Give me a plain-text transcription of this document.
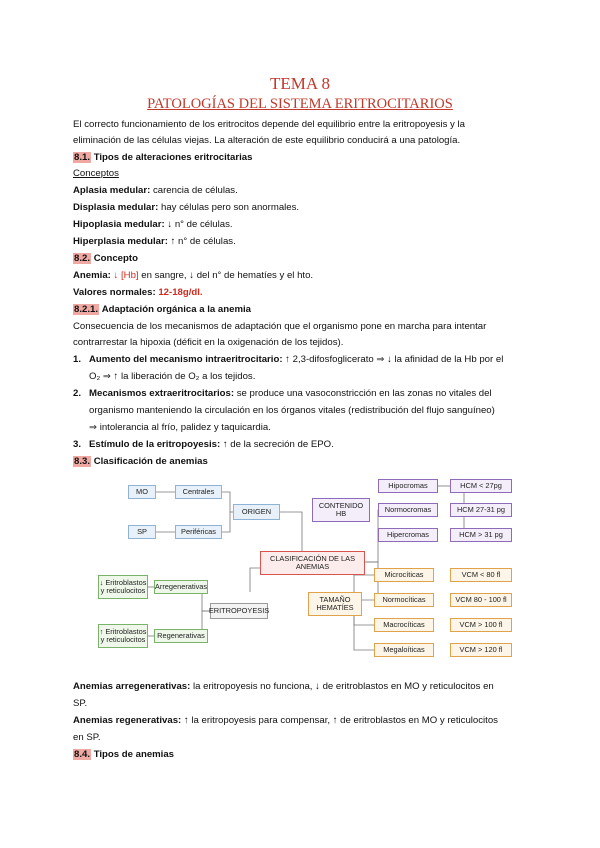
TEMA 8
PATOLOGÍAS DEL SISTEMA ERITROCITARIOS
El correcto funcionamiento de los eritrocitos depende del equilibrio entre la eritropoyesis y la
eliminación de las células viejas. La alteración de este equilibrio conducirá a una patología.
8.1. Tipos de alteraciones eritrocitarias
Conceptos
Aplasia medular: carencia de células.
Displasia medular: hay células pero son anormales.
Hipoplasia medular: ↓ n° de células.
Hiperplasia medular: ↑ n° de células.
8.2. Concepto
Anemia: ↓ [Hb] en sangre, ↓ del n° de hematíes y el hto.
Valores normales: 12-18g/dl.
8.2.1. Adaptación orgánica a la anemia
Consecuencia de los mecanismos de adaptación que el organismo pone en marcha para intentar
contrarrestar la hipoxia (déficit en la oxigenación de los tejidos).
1. Aumento del mecanismo intraeritrocitario: ↑ 2,3-difosfoglicerato ⇒ ↓ la afinidad de la Hb por el
O₂ ⇒ ↑ la liberación de O₂ a los tejidos.
2. Mecanismos extraeritrocitarios: se produce una vasoconstricción en las zonas no vitales del
organismo manteniendo la circulación en los órganos vitales (redistribución del flujo sanguíneo)
⇒ intolerancia al frío, palidez y taquicardia.
3. Estímulo de la eritropoyesis: ↑ de la secreción de EPO.
8.3. Clasificación de anemias
MO	Centrales
SP	Periféricas
ORIGEN
CLASIFICACIÓN DE LAS ANEMIAS
CONTENIDO HB
Hipocromas	HCM < 27pg
Normocromas	HCM 27-31 pg
Hipercromas	HCM > 31 pg
ERITROPOYESIS
Arregenerativas
↓ Eritroblastos y reticulocitos
Regenerativas
↑ Eritroblastos y reticulocitos
TAMAÑO HEMATÍES
Microcíticas	VCM < 80 fl
Normocíticas	VCM 80 - 100 fl
Macrocíticas	VCM > 100 fl
Megaloíticas	VCM > 120 fl
Anemias arregenerativas: la eritropoyesis no funciona, ↓ de eritroblastos en MO y reticulocitos en
SP.
Anemias regenerativas: ↑ la eritropoyesis para compensar, ↑ de eritroblastos en MO y reticulocitos
en SP.
8.4. Tipos de anemias
